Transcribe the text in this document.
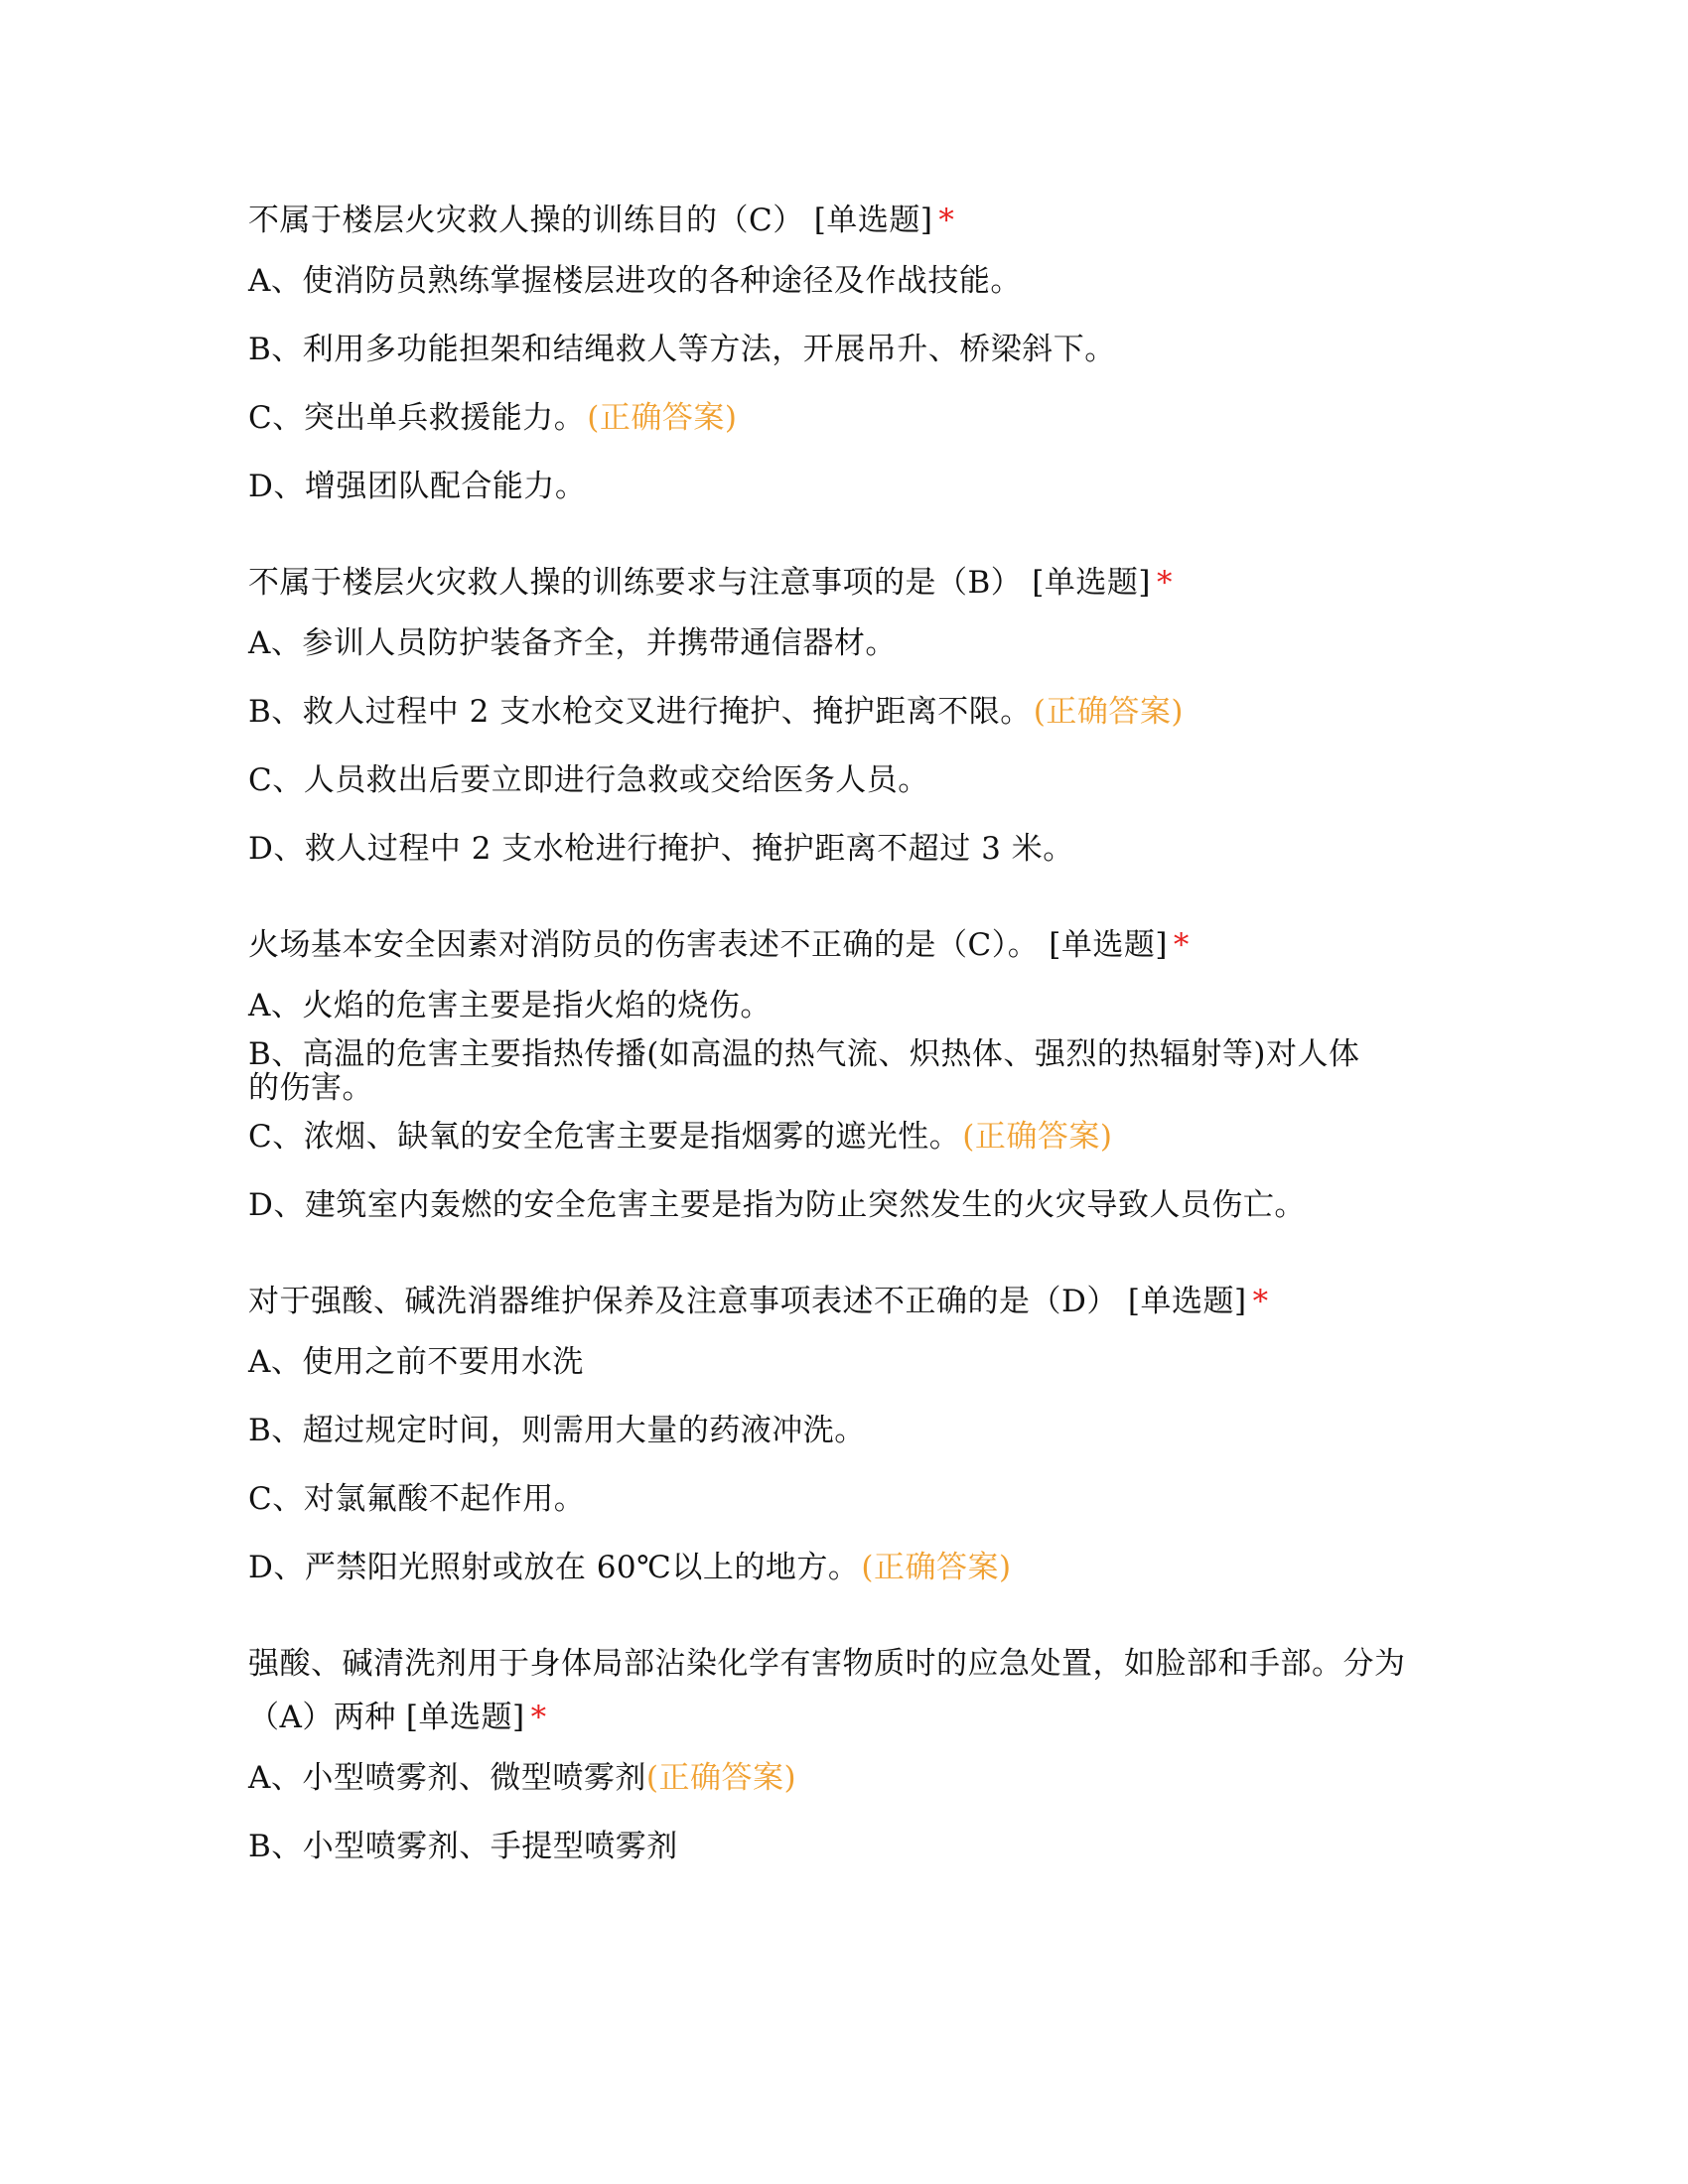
不属于楼层火灾救人操的训练目的（C） [单选题] *
A、使消防员熟练掌握楼层进攻的各种途径及作战技能。
B、利用多功能担架和结绳救人等方法，开展吊升、桥梁斜下。
C、突出单兵救援能力。(正确答案)
D、增强团队配合能力。
不属于楼层火灾救人操的训练要求与注意事项的是（B） [单选题] *
A、参训人员防护装备齐全，并携带通信器材。
B、救人过程中 2 支水枪交叉进行掩护、掩护距离不限。(正确答案)
C、人员救出后要立即进行急救或交给医务人员。
D、救人过程中 2 支水枪进行掩护、掩护距离不超过 3 米。
火场基本安全因素对消防员的伤害表述不正确的是（C）。 [单选题] *
A、火焰的危害主要是指火焰的烧伤。
B、高温的危害主要指热传播(如高温的热气流、炽热体、强烈的热辐射等)对人体的伤害。
C、浓烟、缺氧的安全危害主要是指烟雾的遮光性。(正确答案)
D、建筑室内轰燃的安全危害主要是指为防止突然发生的火灾导致人员伤亡。
对于强酸、碱洗消器维护保养及注意事项表述不正确的是（D） [单选题] *
A、使用之前不要用水洗
B、超过规定时间，则需用大量的药液冲洗。
C、对氯氟酸不起作用。
D、严禁阳光照射或放在 60℃以上的地方。(正确答案)
强酸、碱清洗剂用于身体局部沾染化学有害物质时的应急处置，如脸部和手部。分为（A）两种 [单选题] *
A、小型喷雾剂、微型喷雾剂(正确答案)
B、小型喷雾剂、手提型喷雾剂
